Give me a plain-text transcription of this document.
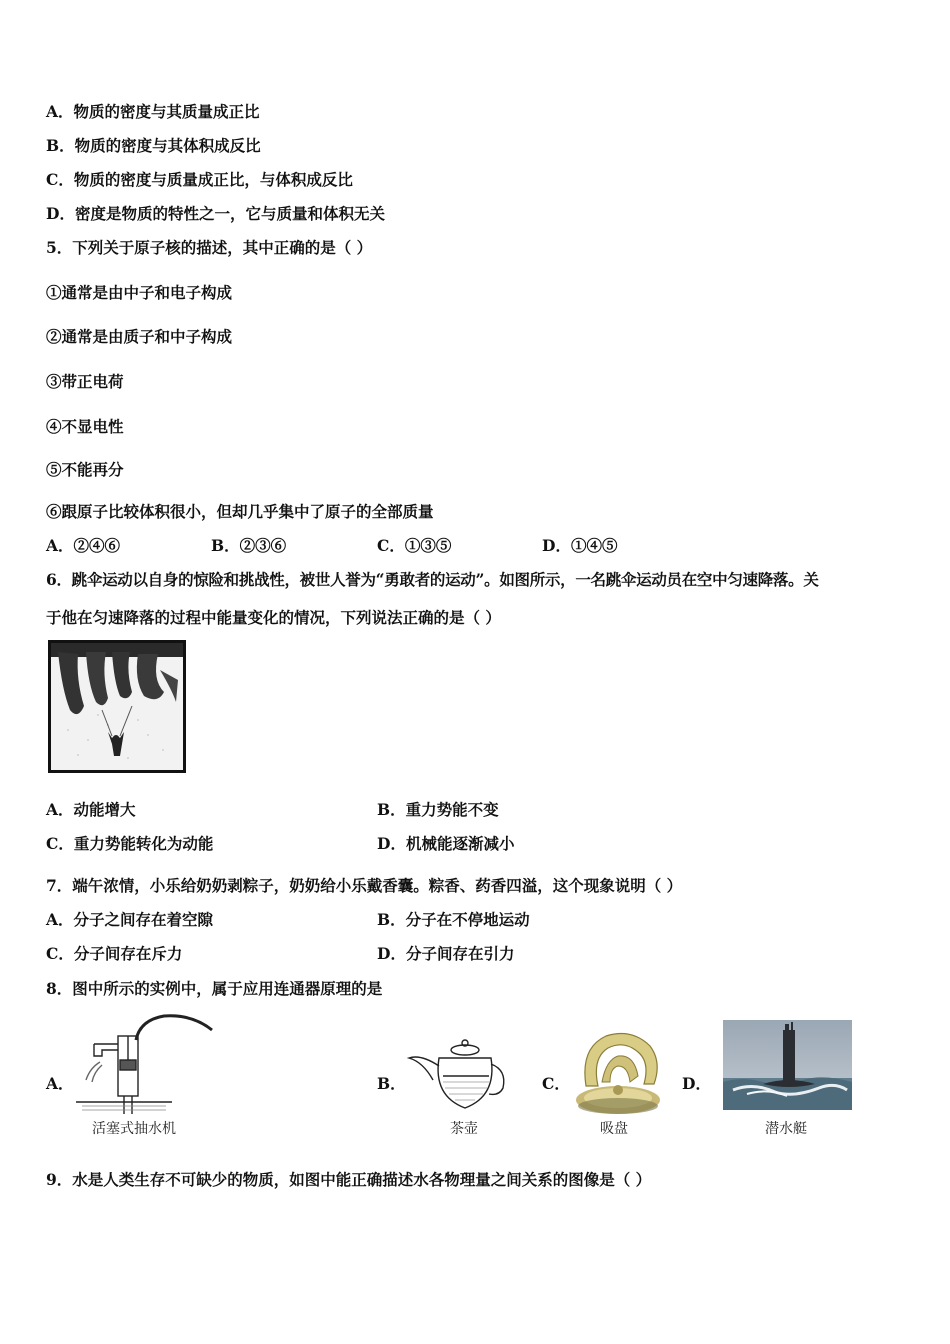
A．物质的密度与其质量成正比
B．物质的密度与其体积成反比
C．物质的密度与质量成正比，与体积成反比
D．密度是物质的特性之一，它与质量和体积无关
5．下列关于原子核的描述，其中正确的是（ ）
①通常是由中子和电子构成
②通常是由质子和中子构成
③带正电荷
④不显电性
⑤不能再分
⑥跟原子比较体积很小，但却几乎集中了原子的全部质量
A．②④⑥	B．②③⑥	C．①③⑤	D．①④⑤
6．跳伞运动以自身的惊险和挑战性，被世人誉为“勇敢者的运动”。如图所示，一名跳伞运动员在空中匀速降落。关
于他在匀速降落的过程中能量变化的情况，下列说法正确的是（ ）
A．动能增大	B．重力势能不变
C．重力势能转化为动能	D．机械能逐渐减小
7．端午浓情，小乐给奶奶剥粽子，奶奶给小乐戴香囊。粽香、药香四溢，这个现象说明（ ）
A．分子之间存在着空隙	B．分子在不停地运动
C．分子间存在斥力	D．分子间存在引力
8．图中所示的实例中，属于应用连通器原理的是
A．
活塞式抽水机
B．
茶壶
C．
吸盘
D．
潜水艇
9．水是人类生存不可缺少的物质，如图中能正确描述水各物理量之间关系的图像是（ ）
